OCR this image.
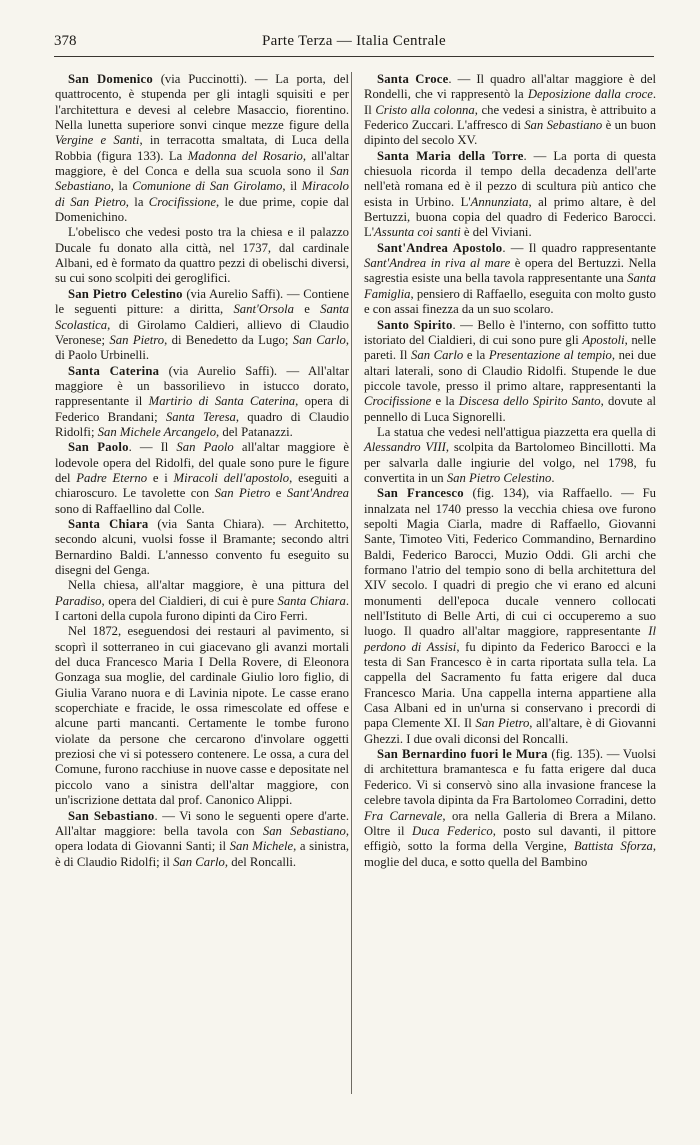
378	Parte Terza — Italia Centrale

San Domenico (via Puccinotti). — La porta, del quattrocento, è stupenda per gli intagli squisiti e per l'architettura e devesi al celebre Masaccio, fiorentino. Nella lunetta superiore sonvi cinque mezze figure della Vergine e Santi, in terracotta smaltata, di Luca della Robbia (figura 133). La Madonna del Rosario, all'altar maggiore, è del Conca e della sua scuola sono il San Sebastiano, la Comunione di San Girolamo, il Miracolo di San Pietro, la Crocifissione, le due prime, copie dal Domenichino.

L'obelisco che vedesi posto tra la chiesa e il palazzo Ducale fu donato alla città, nel 1737, dal cardinale Albani, ed è formato da quattro pezzi di obelischi diversi, su cui sono scolpiti dei geroglifici.

San Pietro Celestino (via Aurelio Saffi). — Contiene le seguenti pitture: a diritta, Sant'Orsola e Santa Scolastica, di Girolamo Caldieri, allievo di Claudio Veronese; San Pietro, di Benedetto da Lugo; San Carlo, di Paolo Urbinelli.

Santa Caterina (via Aurelio Saffi). — All'altar maggiore è un bassorilievo in istucco dorato, rappresentante il Martirio di Santa Caterina, opera di Federico Brandani; Santa Teresa, quadro di Claudio Ridolfi; San Michele Arcangelo, del Patanazzi.

San Paolo. — Il San Paolo all'altar maggiore è lodevole opera del Ridolfi, del quale sono pure le figure del Padre Eterno e i Miracoli dell'apostolo, eseguiti a chiaroscuro. Le tavolette con San Pietro e Sant'Andrea sono di Raffaellino dal Colle.

Santa Chiara (via Santa Chiara). — Architetto, secondo alcuni, vuolsi fosse il Bramante; secondo altri Bernardino Baldi. L'annesso convento fu eseguito su disegni del Genga.

Nella chiesa, all'altar maggiore, è una pittura del Paradiso, opera del Cialdieri, di cui è pure Santa Chiara. I cartoni della cupola furono dipinti da Ciro Ferri.

Nel 1872, eseguendosi dei restauri al pavimento, si scoprì il sotterraneo in cui giacevano gli avanzi mortali del duca Francesco Maria I Della Rovere, di Eleonora Gonzaga sua moglie, del cardinale Giulio loro figlio, di Giulia Varano nuora e di Lavinia nipote. Le casse erano scoperchiate e fracide, le ossa rimescolate ed offese e alcune parti mancanti. Certamente le tombe furono violate da persone che cercarono d'involare oggetti preziosi che vi si potessero contenere. Le ossa, a cura del Comune, furono racchiuse in nuove casse e depositate nel piccolo vano a sinistra dell'altar maggiore, con un'iscrizione dettata dal prof. Canonico Alippi.

San Sebastiano. — Vi sono le seguenti opere d'arte. All'altar maggiore: bella tavola con San Sebastiano, opera lodata di Giovanni Santi; il San Michele, a sinistra, è di Claudio Ridolfi; il San Carlo, del Roncalli.

Santa Croce. — Il quadro all'altar maggiore è del Rondelli, che vi rappresentò la Deposizione dalla croce. Il Cristo alla colonna, che vedesi a sinistra, è attribuito a Federico Zuccari. L'affresco di San Sebastiano è un buon dipinto del secolo XV.

Santa Maria della Torre. — La porta di questa chiesuola ricorda il tempo della decadenza dell'arte nell'età romana ed è il pezzo di scultura più antico che esista in Urbino. L'Annunziata, al primo altare, è del Bertuzzi, buona copia del quadro di Federico Barocci. L'Assunta coi santi è del Viviani.

Sant'Andrea Apostolo. — Il quadro rappresentante Sant'Andrea in riva al mare è opera del Bertuzzi. Nella sagrestia esiste una bella tavola rappresentante una Santa Famiglia, pensiero di Raffaello, eseguita con molto gusto e con assai finezza da un suo scolaro.

Santo Spirito. — Bello è l'interno, con soffitto tutto istoriato del Cialdieri, di cui sono pure gli Apostoli, nelle pareti. Il San Carlo e la Presentazione al tempio, nei due altari laterali, sono di Claudio Ridolfi. Stupende le due piccole tavole, presso il primo altare, rappresentanti la Crocifissione e la Discesa dello Spirito Santo, dovute al pennello di Luca Signorelli.

La statua che vedesi nell'attigua piazzetta era quella di Alessandro VIII, scolpita da Bartolomeo Bincillotti. Ma per salvarla dalle ingiurie del volgo, nel 1798, fu convertita in un San Pietro Celestino.

San Francesco (fig. 134), via Raffaello. — Fu innalzata nel 1740 presso la vecchia chiesa ove furono sepolti Magia Ciarla, madre di Raffaello, Giovanni Sante, Timoteo Viti, Federico Commandino, Bernardino Baldi, Federico Barocci, Muzio Oddi. Gli archi che formano l'atrio del tempio sono di bella architettura del XIV secolo. I quadri di pregio che vi erano ed alcuni monumenti dell'epoca ducale vennero collocati nell'Istituto di Belle Arti, di cui ci occuperemo a suo luogo. Il quadro all'altar maggiore, rappresentante Il perdono di Assisi, fu dipinto da Federico Barocci e la testa di San Francesco è in carta riportata sulla tela. La cappella del Sacramento fu fatta erigere dal duca Francesco Maria. Una cappella interna appartiene alla Casa Albani ed in un'urna si conservano i precordi di papa Clemente XI. Il San Pietro, all'altare, è di Giovanni Ghezzi. I due ovali diconsi del Roncalli.

San Bernardino fuori le Mura (fig. 135). — Vuolsi di architettura bramantesca e fu fatta erigere dal duca Federico. Vi si conservò sino alla invasione francese la celebre tavola dipinta da Fra Bartolomeo Corradini, detto Fra Carnevale, ora nella Galleria di Brera a Milano. Oltre il Duca Federico, posto sul davanti, il pittore effigiò, sotto la forma della Vergine, Battista Sforza, moglie del duca, e sotto quella del Bambino
